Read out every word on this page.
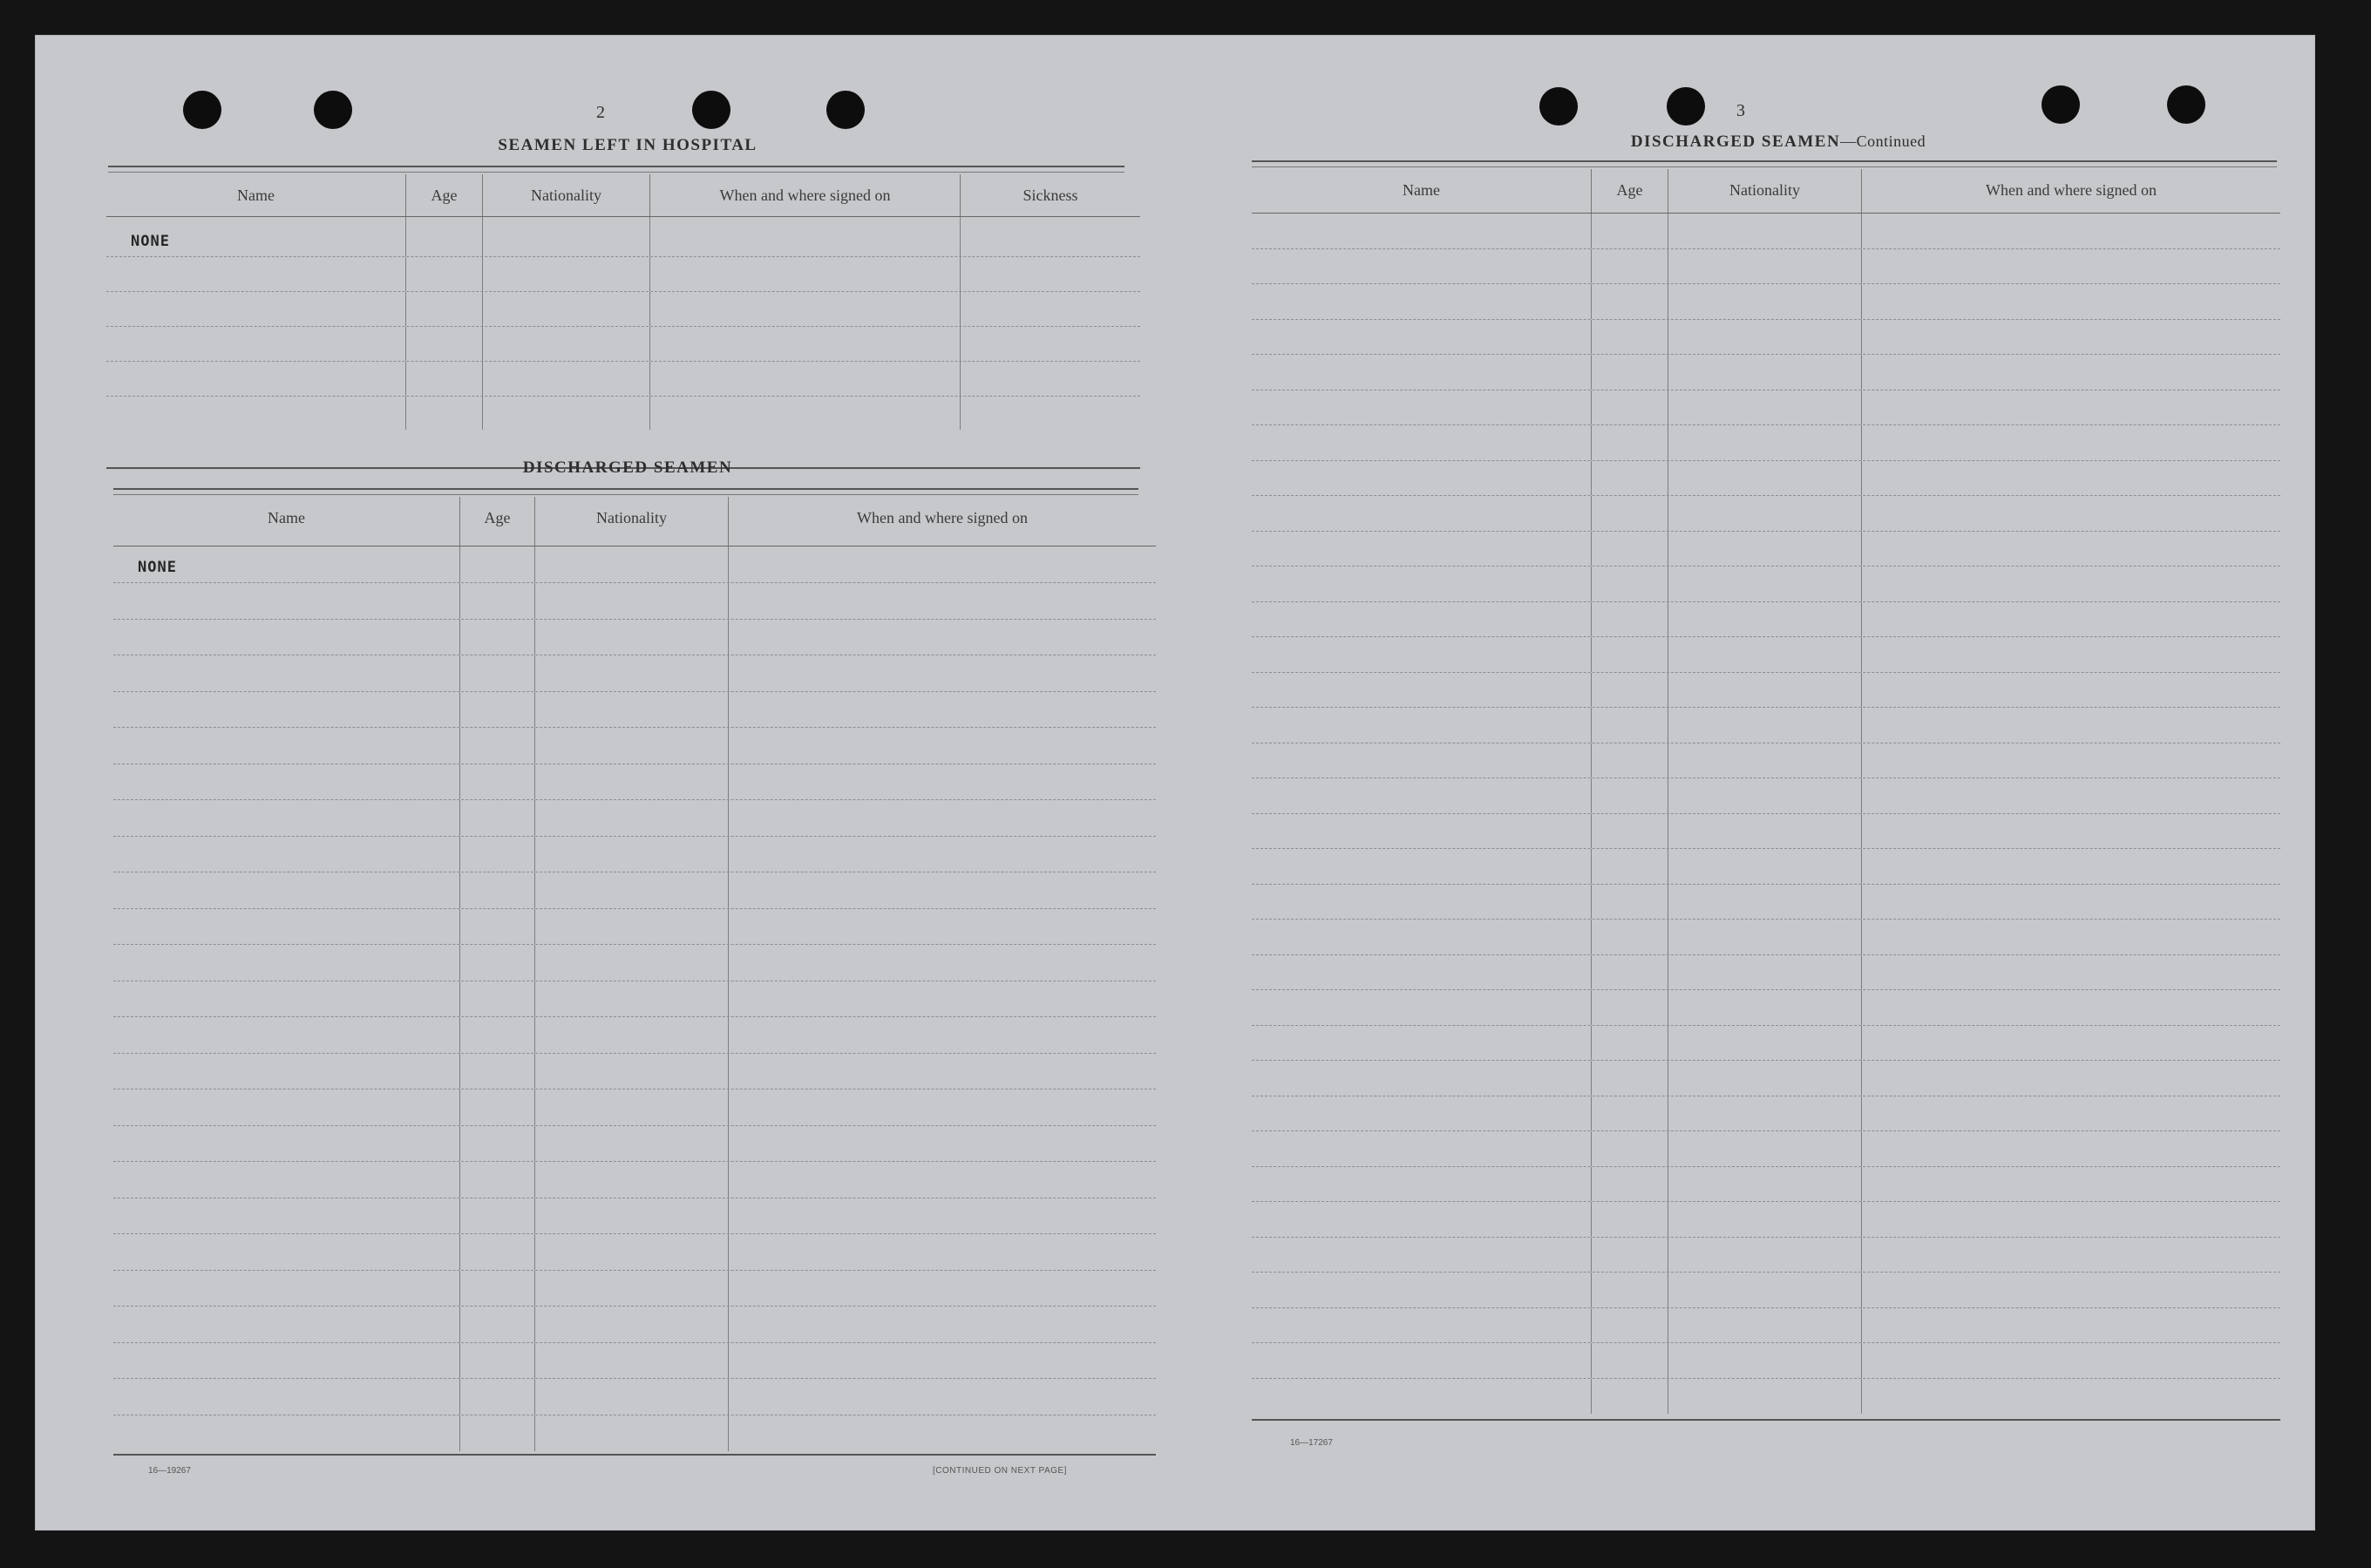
2
SEAMEN LEFT IN HOSPITAL
Name	Age	Nationality	When and where signed on	Sickness
NONE
DISCHARGED SEAMEN
Name	Age	Nationality	When and where signed on
NONE
16—19267	[CONTINUED ON NEXT PAGE]
3
DISCHARGED SEAMEN—Continued
Name	Age	Nationality	When and where signed on
16—17267
